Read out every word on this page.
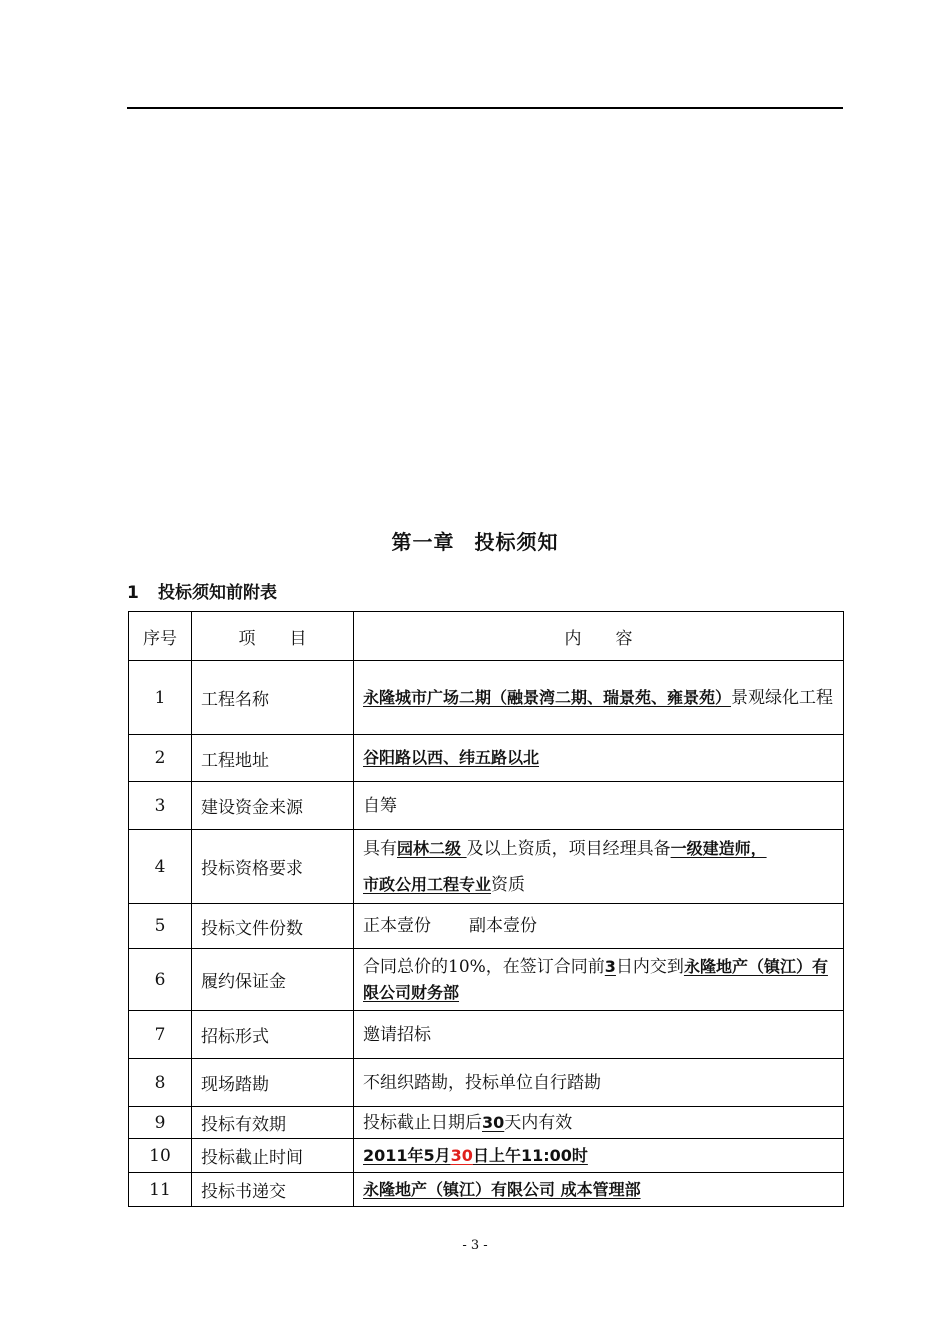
第一章 投标须知
1 投标须知前附表
序号	项　　目	内　　容
1	工程名称	永隆城市广场二期（融景湾二期、瑞景苑、雍景苑）景观绿化工程
2	工程地址	谷阳路以西、纬五路以北
3	建设资金来源	自筹
4	投标资格要求	具有园林二级 及以上资质，项目经理具备一级建造师，
市政公用工程专业资质
5	投标文件份数	正本壹份 副本壹份
6	履约保证金	合同总价的10%，在签订合同前3日内交到永隆地产（镇江）有限公司财务部
7	招标形式	邀请招标
8	现场踏勘	不组织踏勘，投标单位自行踏勘
9	投标有效期	投标截止日期后30天内有效
10	投标截止时间	2011年5月30日上午11:00时
11	投标书递交	永隆地产（镇江）有限公司 成本管理部
- 3 -
